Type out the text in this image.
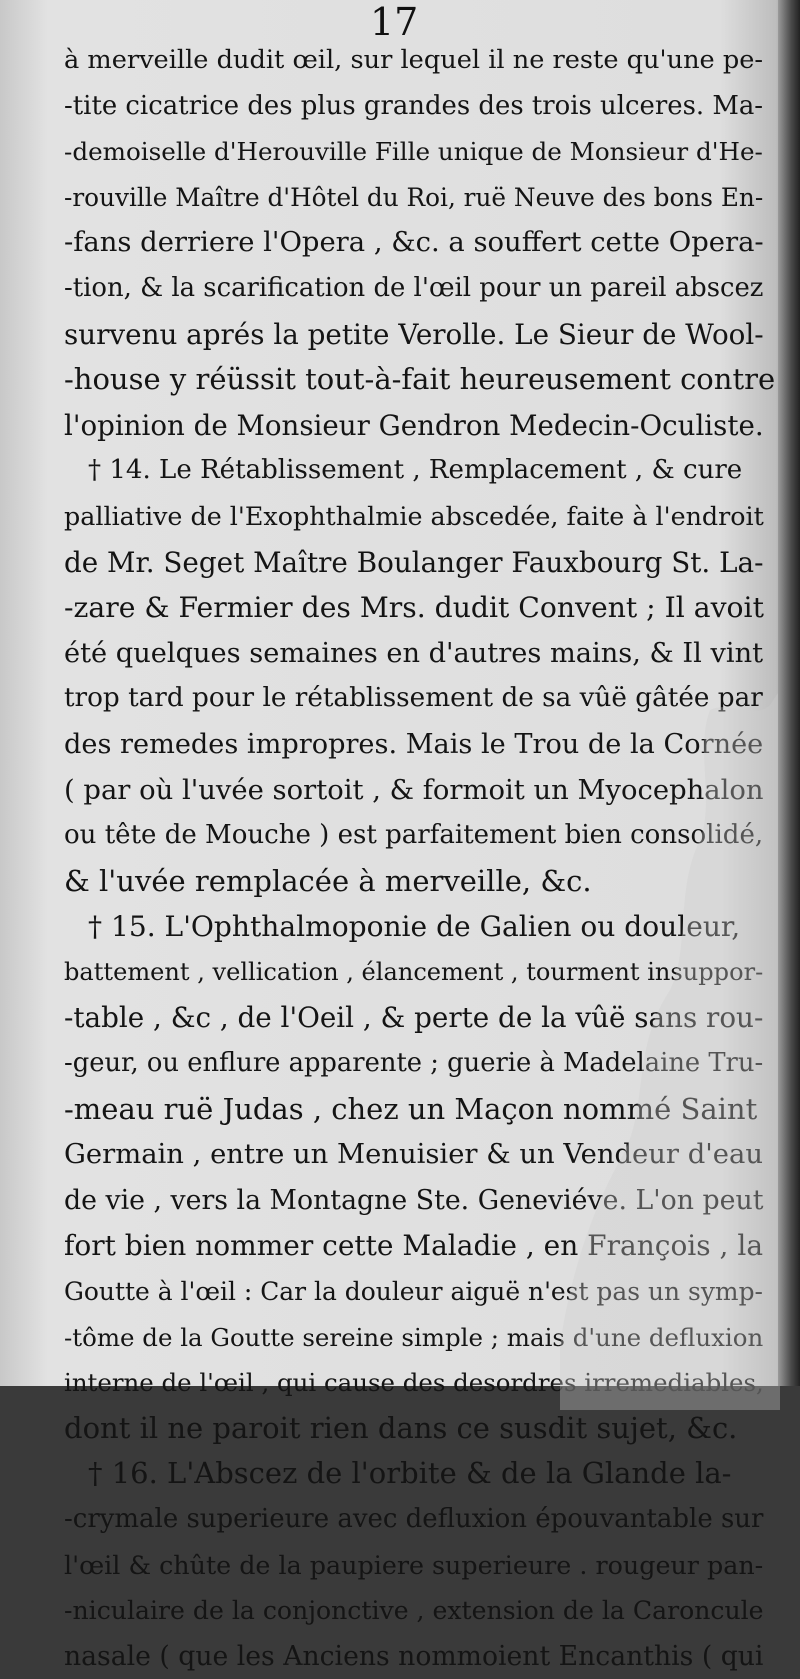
17
à merveille dudit œil, sur lequel il ne reste qu'une pe-
-tite cicatrice des plus grandes des trois ulceres. Ma-
-demoiselle d'Herouville Fille unique de Monsieur d'He-
-rouville Maître d'Hôtel du Roi, ruë Neuve des bons En-
-fans derriere l'Opera , &c. a souffert cette Opera-
-tion, & la scarification de l'œil pour un pareil abscez
survenu aprés la petite Verolle. Le Sieur de Wool-
-house y réüssit tout-à-fait heureusement contre
l'opinion de Monsieur Gendron Medecin-Oculiste.
† 14. Le Rétablissement , Remplacement , & cure
palliative de l'Exophthalmie abscedée, faite à l'endroit
de Mr. Seget Maître Boulanger Fauxbourg St. La-
-zare & Fermier des Mrs. dudit Convent ; Il avoit
été quelques semaines en d'autres mains, & Il vint
trop tard pour le rétablissement de sa vûë gâtée par
des remedes impropres. Mais le Trou de la Cornée
( par où l'uvée sortoit , & formoit un Myocephalon
ou tête de Mouche ) est parfaitement bien consolidé,
& l'uvée remplacée à merveille, &c.
† 15. L'Ophthalmoponie de Galien ou douleur,
battement , vellication , élancement , tourment insuppor-
-table , &c , de l'Oeil , & perte de la vûë sans rou-
-geur, ou enflure apparente ; guerie à Madelaine Tru-
-meau ruë Judas , chez un Maçon nommé Saint
Germain , entre un Menuisier & un Vendeur d'eau
de vie , vers la Montagne Ste. Geneviéve. L'on peut
fort bien nommer cette Maladie , en François , la
Goutte à l'œil : Car la douleur aiguë n'est pas un symp-
-tôme de la Goutte sereine simple ; mais d'une defluxion
interne de l'œil , qui cause des desordres irremediables,
dont il ne paroit rien dans ce susdit sujet, &c.
† 16. L'Abscez de l'orbite & de la Glande la-
-crymale superieure avec defluxion épouvantable sur
l'œil & chûte de la paupiere superieure . rougeur pan-
-niculaire de la conjonctive , extension de la Caroncule
nasale ( que les Anciens nommoient Encanthis ( qui
